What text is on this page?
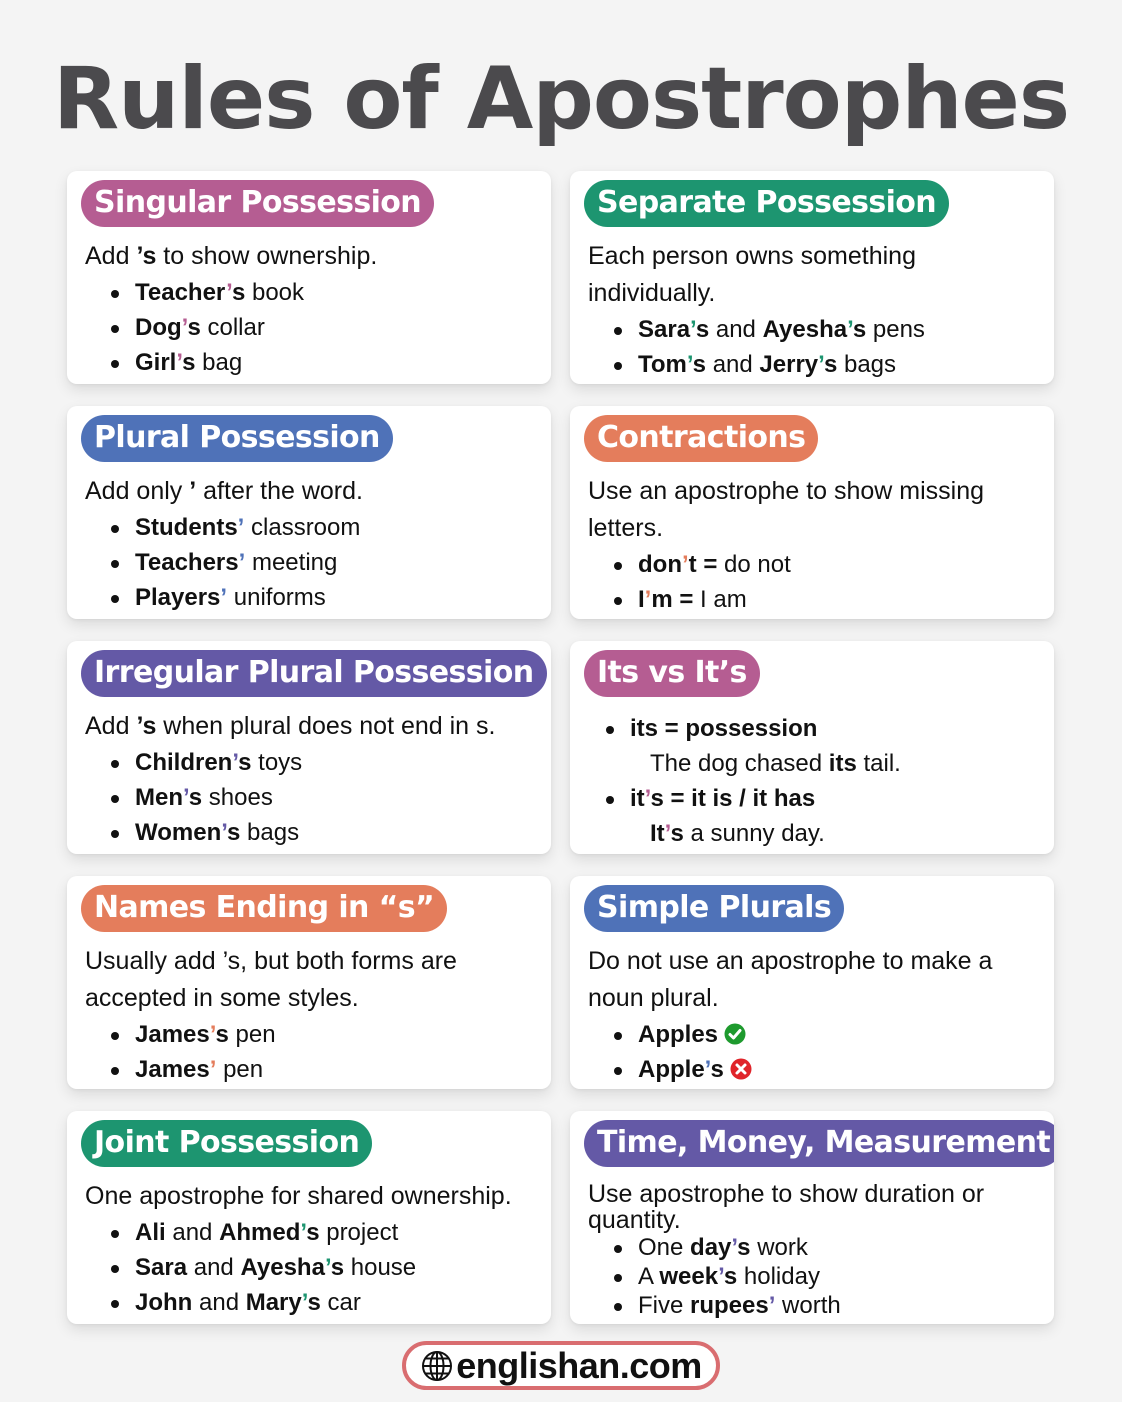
Rules of Apostrophes
Singular Possession

Add ’s to show ownership.

Teacher’s book
Dog’s collar
Girl’s bag
Separate Possession

Each person owns something individually.

Sara’s and Ayesha’s pens
Tom’s and Jerry’s bags
Plural Possession

Add only ’ after the word.

Students’ classroom
Teachers’ meeting
Players’ uniforms
Contractions

Use an apostrophe to show missing letters.

don’t = do not
I’m = I am
Irregular Plural Possession

Add ’s when plural does not end in s.

Children’s toys
Men’s shoes
Women’s bags
Its vs It’s
its = possession
The dog chased its tail.
it’s = it is / it has
It’s a sunny day.
Names Ending in “s”

Usually add ’s, but both forms are accepted in some styles.

James’s pen
James’ pen
Simple Plurals

Do not use an apostrophe to make a noun plural.

Apples
Apple’s
Joint Possession

One apostrophe for shared ownership.

Ali and Ahmed’s project
Sara and Ayesha’s house
John and Mary’s car
Time, Money, Measurement

Use apostrophe to show duration or quantity.

One day’s work
A week’s holiday
Five rupees’ worth
englishan.com
